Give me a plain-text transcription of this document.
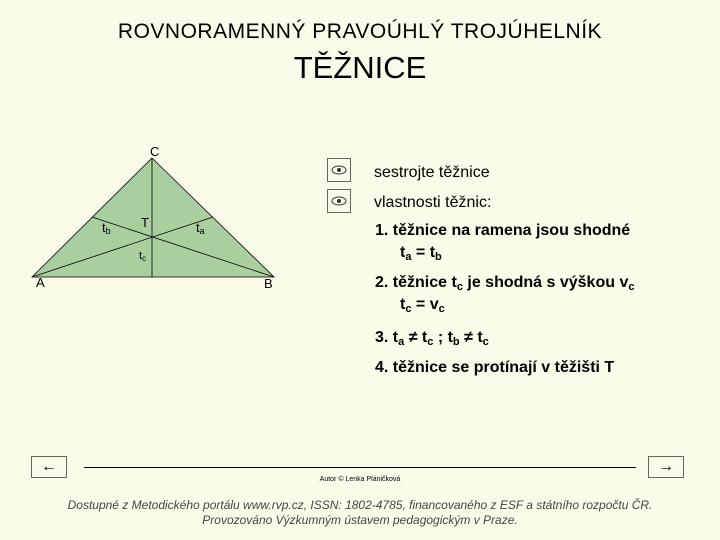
ROVNORAMENNÝ PRAVOÚHLÝ TROJÚHELNÍK
TĚŽNICE
C
A	B
T
tb	ta
tc
sestrojte těžnice
vlastnosti těžnic:
1. těžnice na ramena jsou shodné
$t_a = t_b$
2. těžnice $t_c$ je shodná s výškou $v_c$
$t_c = v_c$
3. $t_a \ne t_c$ ; $t_b \ne t_c$
4. těžnice se protínají v těžišti T
←	→
Autor © Lenka Pláničková
Dostupné z Metodického portálu www.rvp.cz, ISSN: 1802-4785, financovaného z ESF a státního rozpočtu ČR.
Provozováno Výzkumným ústavem pedagogickým v Praze.
